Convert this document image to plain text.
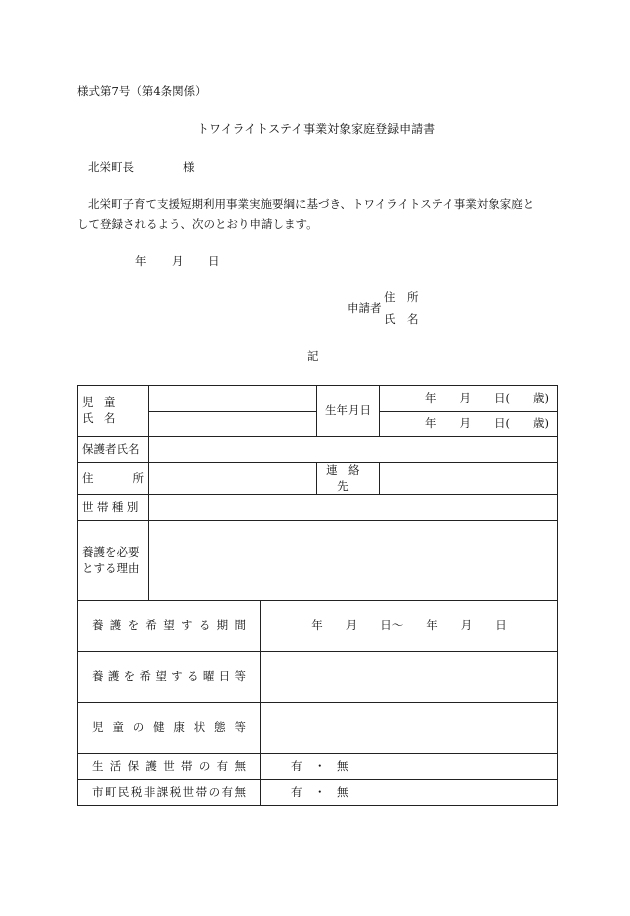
様式第7号（第4条関係）
トワイライトステイ事業対象家庭登録申請書
北栄町長	様
北栄町子育て支援短期利用事業実施要綱に基づき、トワイライトステイ事業対象家庭と
して登録されるよう、次のとおり申請します。
年 月 日
住　所
申請者
氏　名
記
児童氏名			生年月日	年　　月　　日(　　歳)
				年　　月　　日(　　歳)
保護者氏名				
住　　所			連絡先	
世帯種別				

養護を必要
とする理由				

養護を希望する期間		年　　月　　日〜　　年　　月　　日		
養護を希望する曜日等				
児童の健康状態等				
生活保護世帯の有無		有　・　無		
市町民税非課税世帯の有無		有　・　無		
